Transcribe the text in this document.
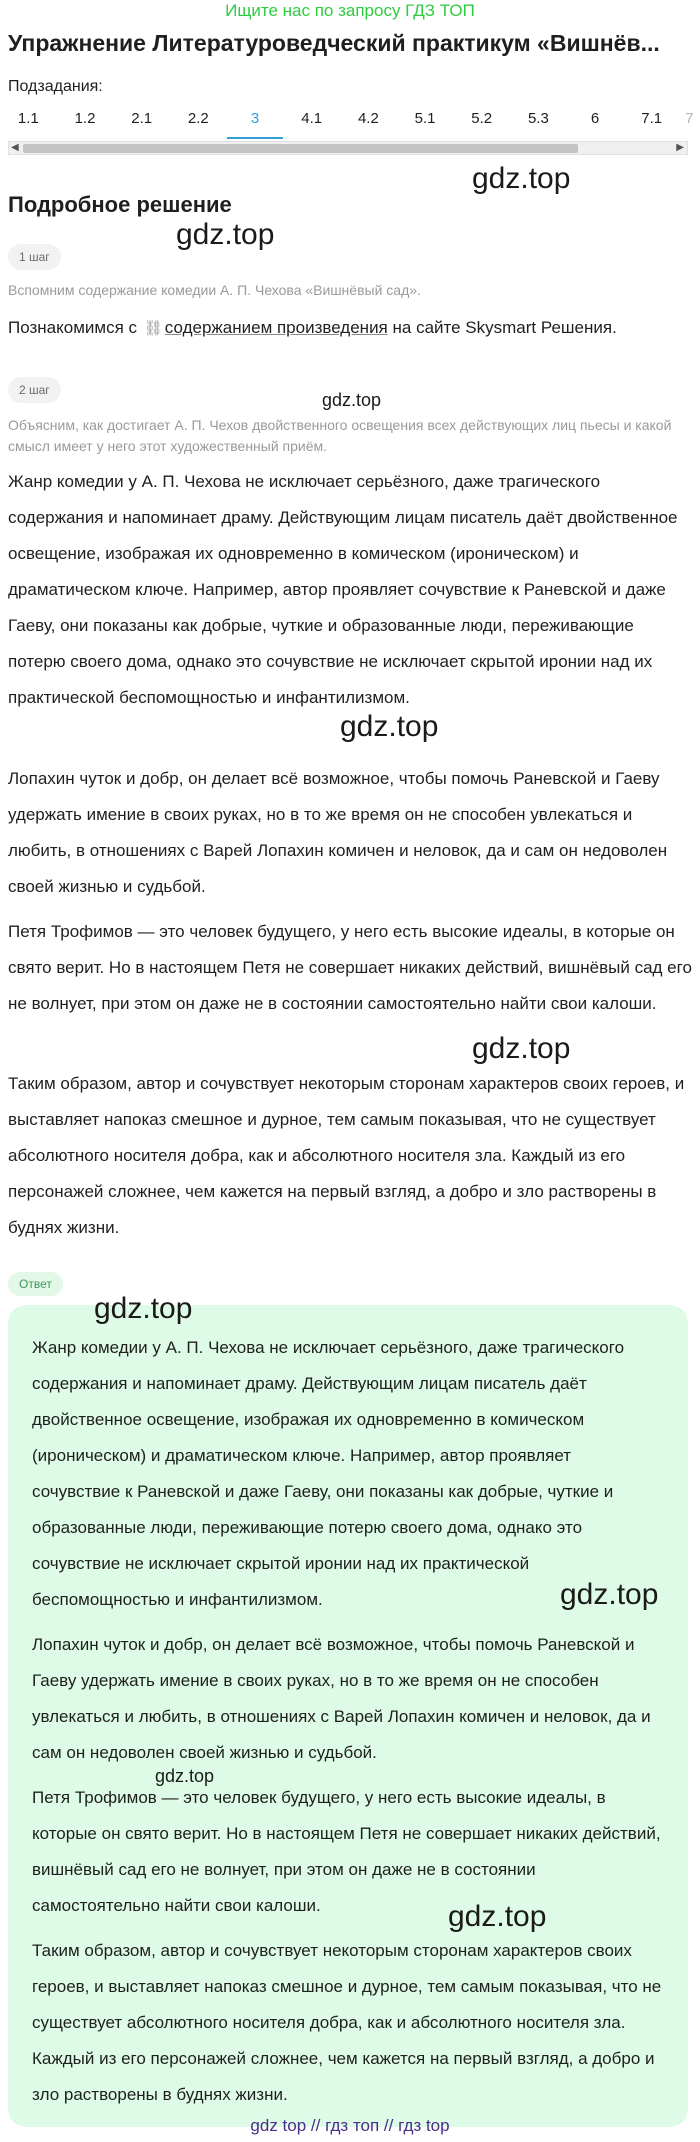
Ищите нас по запросу ГДЗ ТОП
Упражнение Литературоведческий практикум «Вишнёв...
Подзадания:
1.1	1.2	2.1	2.2	3	4.1	4.2	5.1	5.2	5.3	6	7.1	7
◀	▶
gdz.top
Подробное решение
gdz.top
1 шаг
Вспомним содержание комедии А. П. Чехова «Вишнёвый сад».
Познакомимся с ⛓ содержанием произведения на сайте Skysmart Решения.
2 шаг	gdz.top
Объясним, как достигает А. П. Чехов двойственного освещения всех действующих лиц пьесы и какой смысл имеет у него этот художественный приём.
Жанр комедии у А. П. Чехова не исключает серьёзного, даже трагического содержания и напоминает драму. Действующим лицам писатель даёт двойственное освещение, изображая их одновременно в комическом (ироническом) и драматическом ключе. Например, автор проявляет сочувствие к Раневской и даже Гаеву, они показаны как добрые, чуткие и образованные люди, переживающие потерю своего дома, однако это сочувствие не исключает скрытой иронии над их практической беспомощностью и инфантилизмом.
gdz.top
Лопахин чуток и добр, он делает всё возможное, чтобы помочь Раневской и Гаеву удержать имение в своих руках, но в то же время он не способен увлекаться и любить, в отношениях с Варей Лопахин комичен и неловок, да и сам он недоволен своей жизнью и судьбой.
Петя Трофимов — это человек будущего, у него есть высокие идеалы, в которые он свято верит. Но в настоящем Петя не совершает никаких действий, вишнёвый сад его не волнует, при этом он даже не в состоянии самостоятельно найти свои калоши.
gdz.top
Таким образом, автор и сочувствует некоторым сторонам характеров своих героев, и выставляет напоказ смешное и дурное, тем самым показывая, что не существует абсолютного носителя добра, как и абсолютного носителя зла. Каждый из его персонажей сложнее, чем кажется на первый взгляд, а добро и зло растворены в буднях жизни.
Ответ
gdz.top
Жанр комедии у А. П. Чехова не исключает серьёзного, даже трагического содержания и напоминает драму. Действующим лицам писатель даёт двойственное освещение, изображая их одновременно в комическом (ироническом) и драматическом ключе. Например, автор проявляет сочувствие к Раневской и даже Гаеву, они показаны как добрые, чуткие и образованные люди, переживающие потерю своего дома, однако это сочувствие не исключает скрытой иронии над их практической беспомощностью и инфантилизмом.	gdz.top
Лопахин чуток и добр, он делает всё возможное, чтобы помочь Раневской и Гаеву удержать имение в своих руках, но в то же время он не способен увлекаться и любить, в отношениях с Варей Лопахин комичен и неловок, да и сам он недоволен своей жизнью и судьбой.
gdz.top
Петя Трофимов — это человек будущего, у него есть высокие идеалы, в которые он свято верит. Но в настоящем Петя не совершает никаких действий, вишнёвый сад его не волнует, при этом он даже не в состоянии самостоятельно найти свои калоши.	gdz.top
Таким образом, автор и сочувствует некоторым сторонам характеров своих героев, и выставляет напоказ смешное и дурное, тем самым показывая, что не существует абсолютного носителя добра, как и абсолютного носителя зла. Каждый из его персонажей сложнее, чем кажется на первый взгляд, а добро и зло растворены в буднях жизни.
gdz top // гдз топ // гдз top
